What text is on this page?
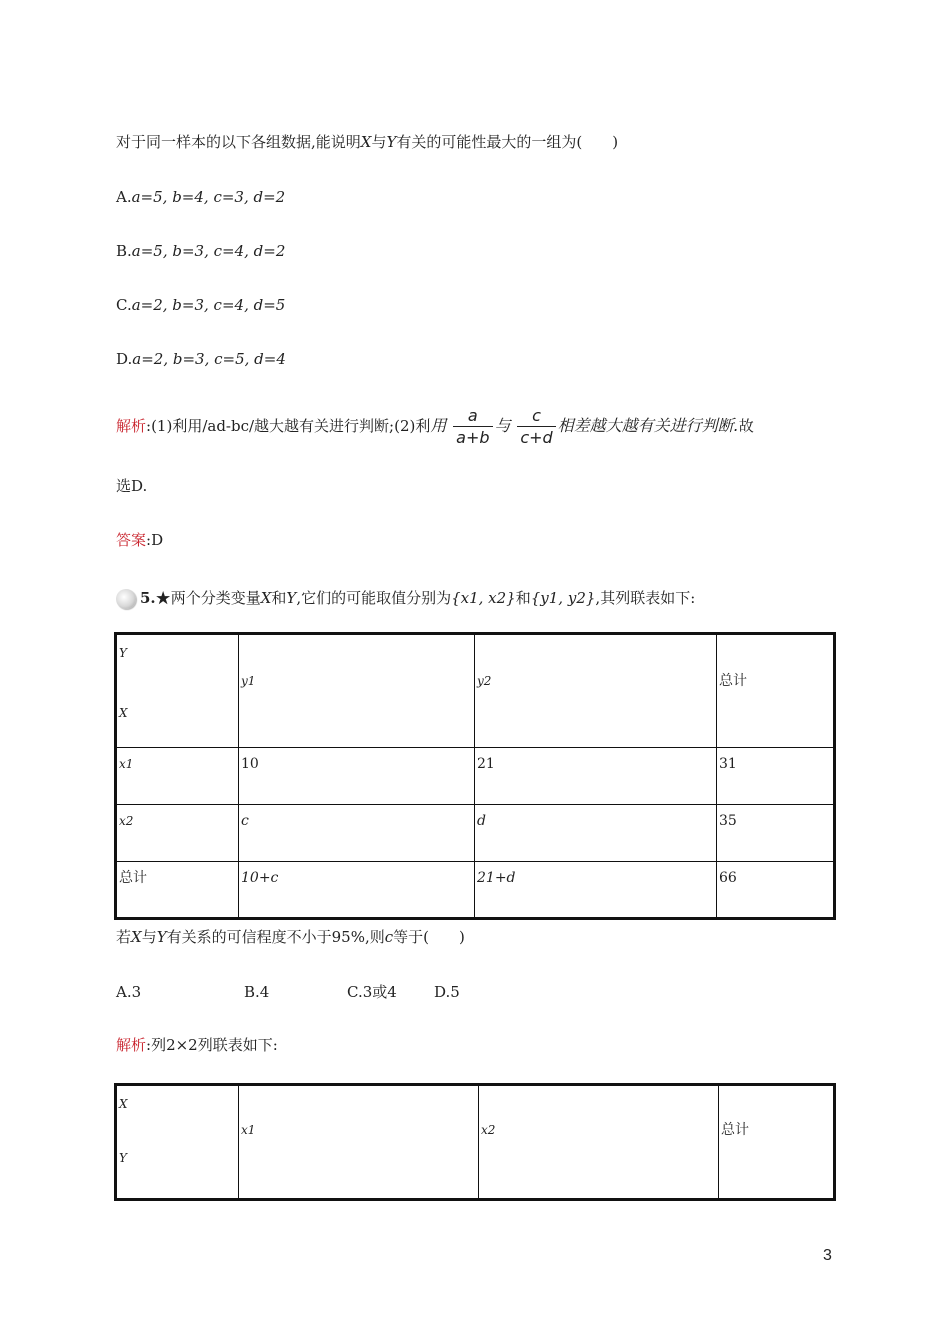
对于同一样本的以下各组数据,能说明X与Y有关的可能性最大的一组为(　　)
A.a=5, b=4, c=3, d=2
B.a=5, b=3, c=4, d=2
C.a=2, b=3, c=4, d=5
D.a=2, b=3, c=5, d=4
解析:(1)利用/ad-bc/越大越有关进行判断;(2)利用 $\frac{a}{a+b}$ 与 $\frac{c}{c+d}$ 相差越大越有关进行判断.故
选D.
答案:D
5.★两个分类变量X和Y,它们的可能取值分别为{x1, x2}和{y1, y2},其列联表如下:
Y
X	y1	y2	总计
x1	10	21	31
x2	c	d	35
总计	10+c	21+d	66
若X与Y有关系的可信程度不小于95%,则c等于(　　)
A.3	B.4	C.3或4 D.5
解析:列2×2列联表如下:
X
Y
	x1	x2	总计
3
